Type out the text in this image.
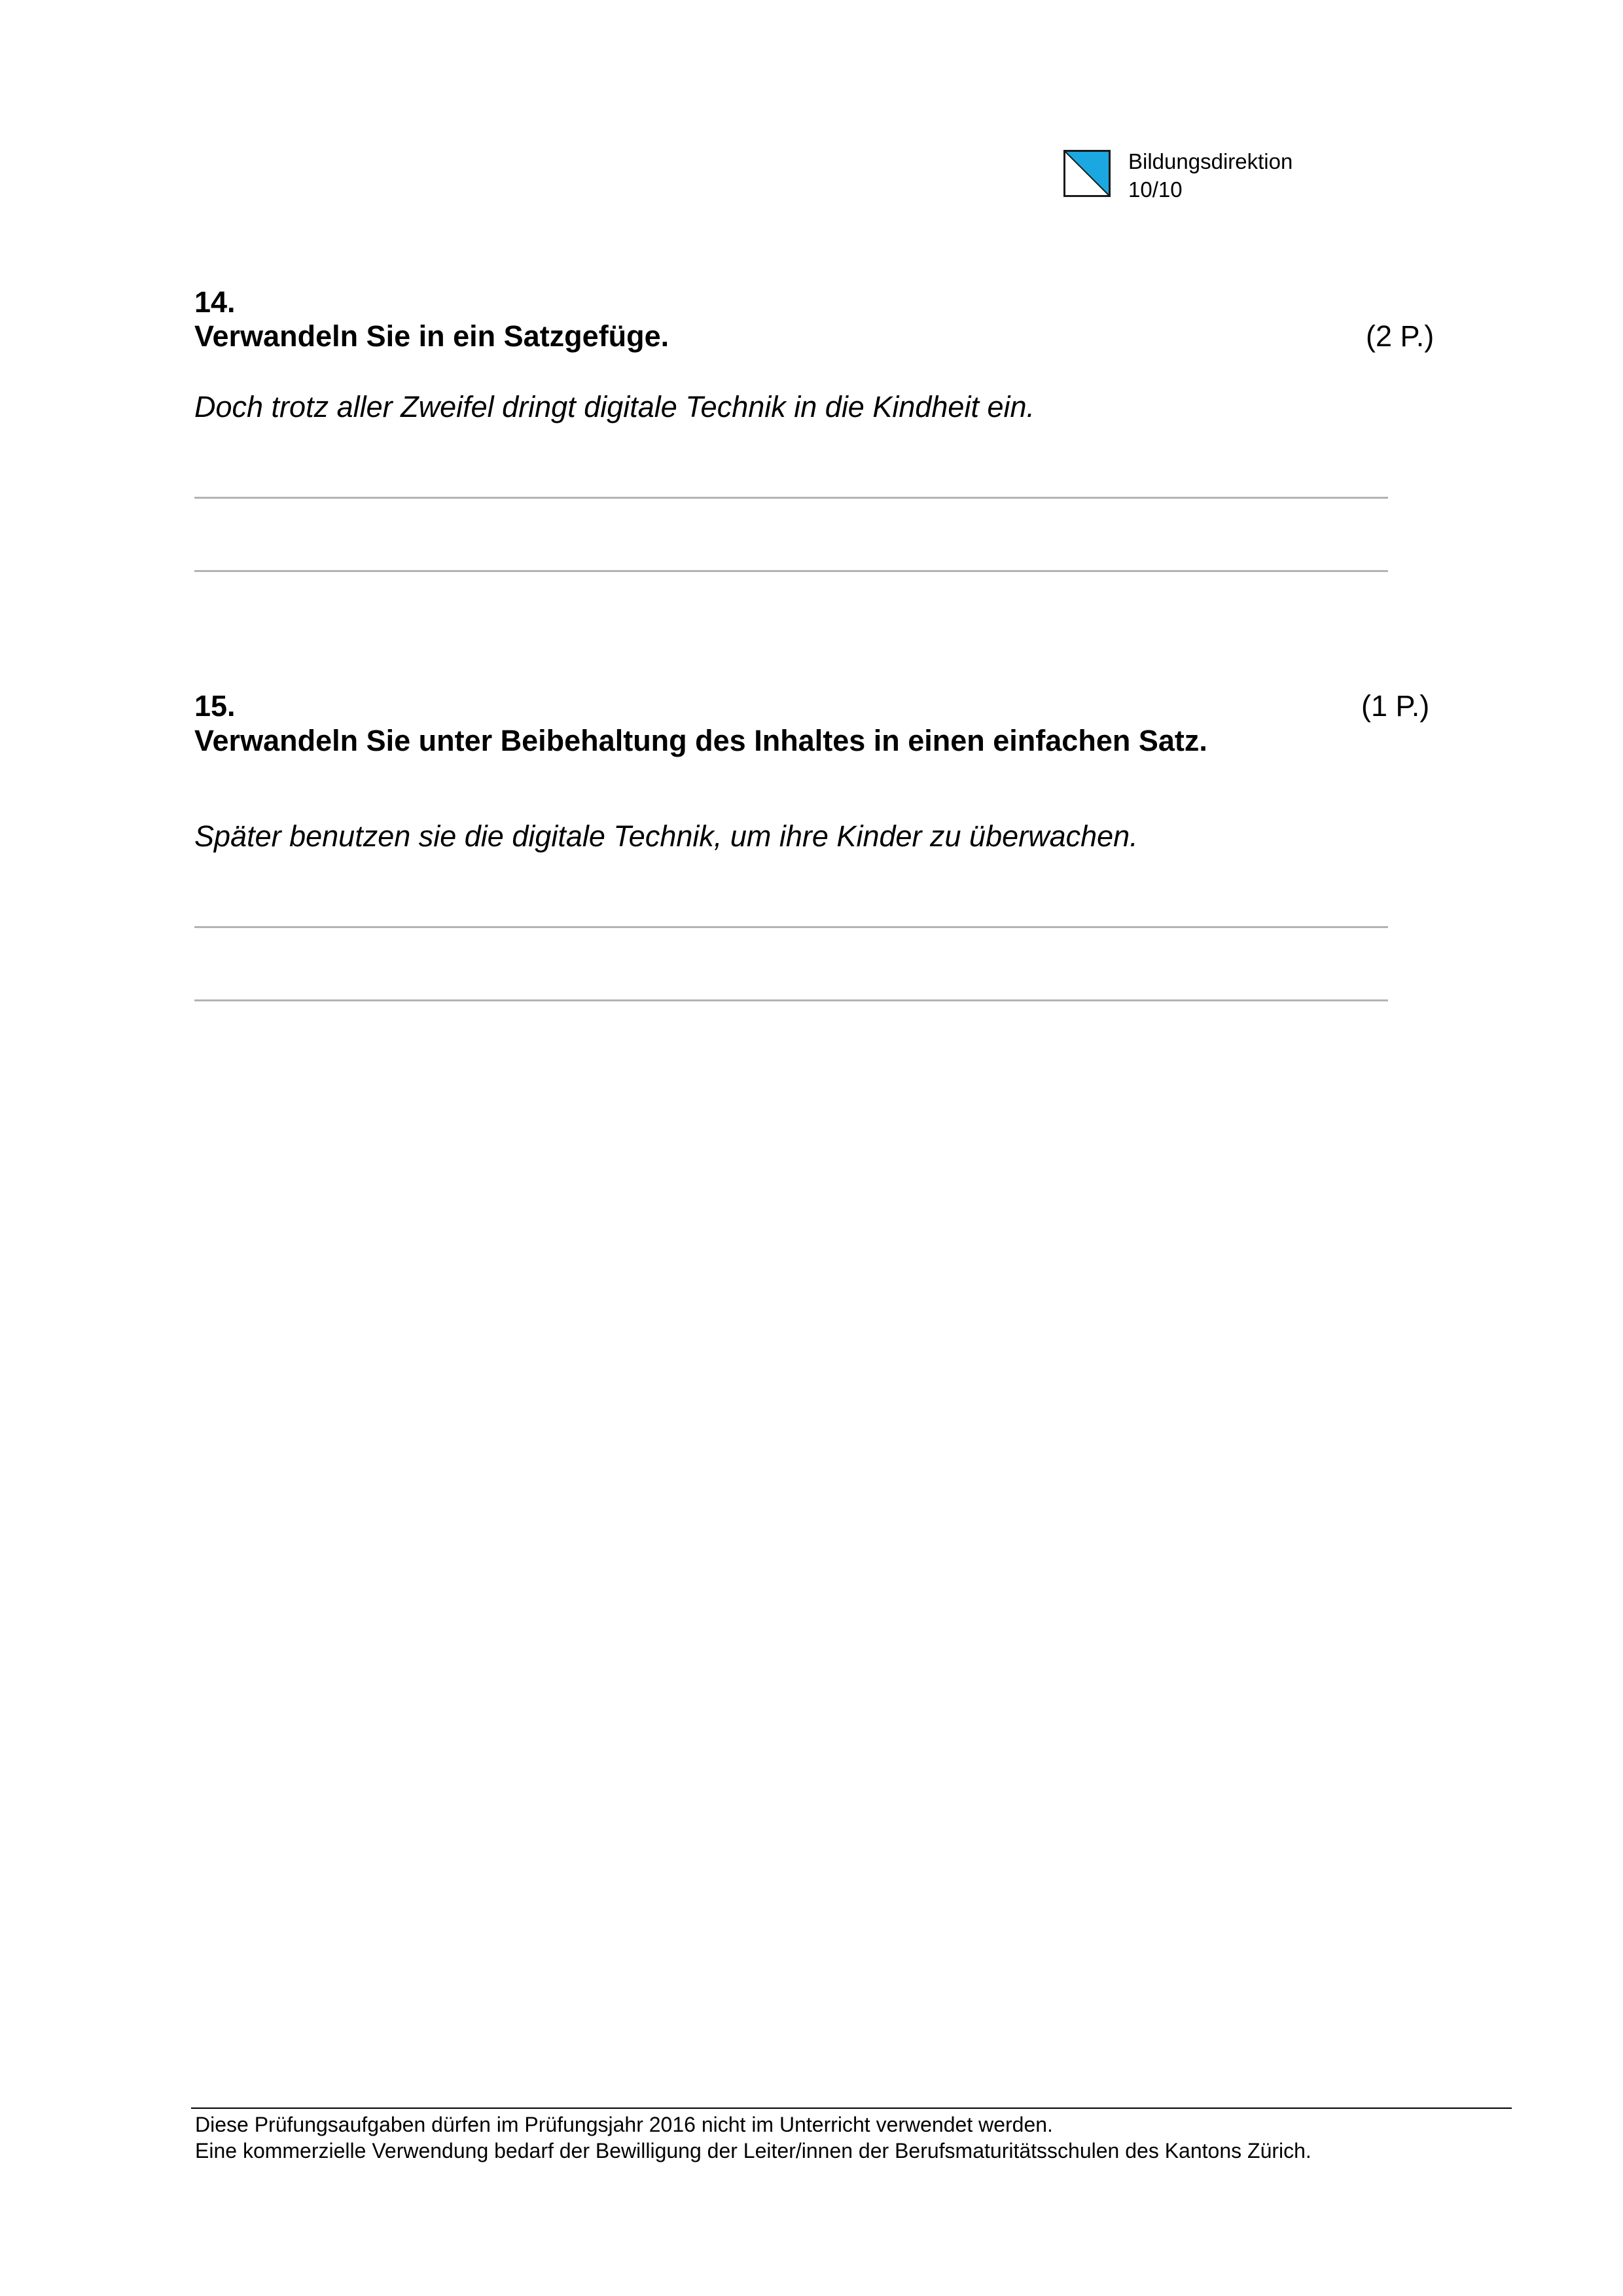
Bildungsdirektion
10/10
14.
Verwandeln Sie in ein Satzgefüge.	(2 P.)
Doch trotz aller Zweifel dringt digitale Technik in die Kindheit ein.
15.	(1 P.)
Verwandeln Sie unter Beibehaltung des Inhaltes in einen einfachen Satz.
Später benutzen sie die digitale Technik, um ihre Kinder zu überwachen.
Diese Prüfungsaufgaben dürfen im Prüfungsjahr 2016 nicht im Unterricht verwendet werden.
Eine kommerzielle Verwendung bedarf der Bewilligung der Leiter/innen der Berufsmaturitätsschulen des Kantons Zürich.
